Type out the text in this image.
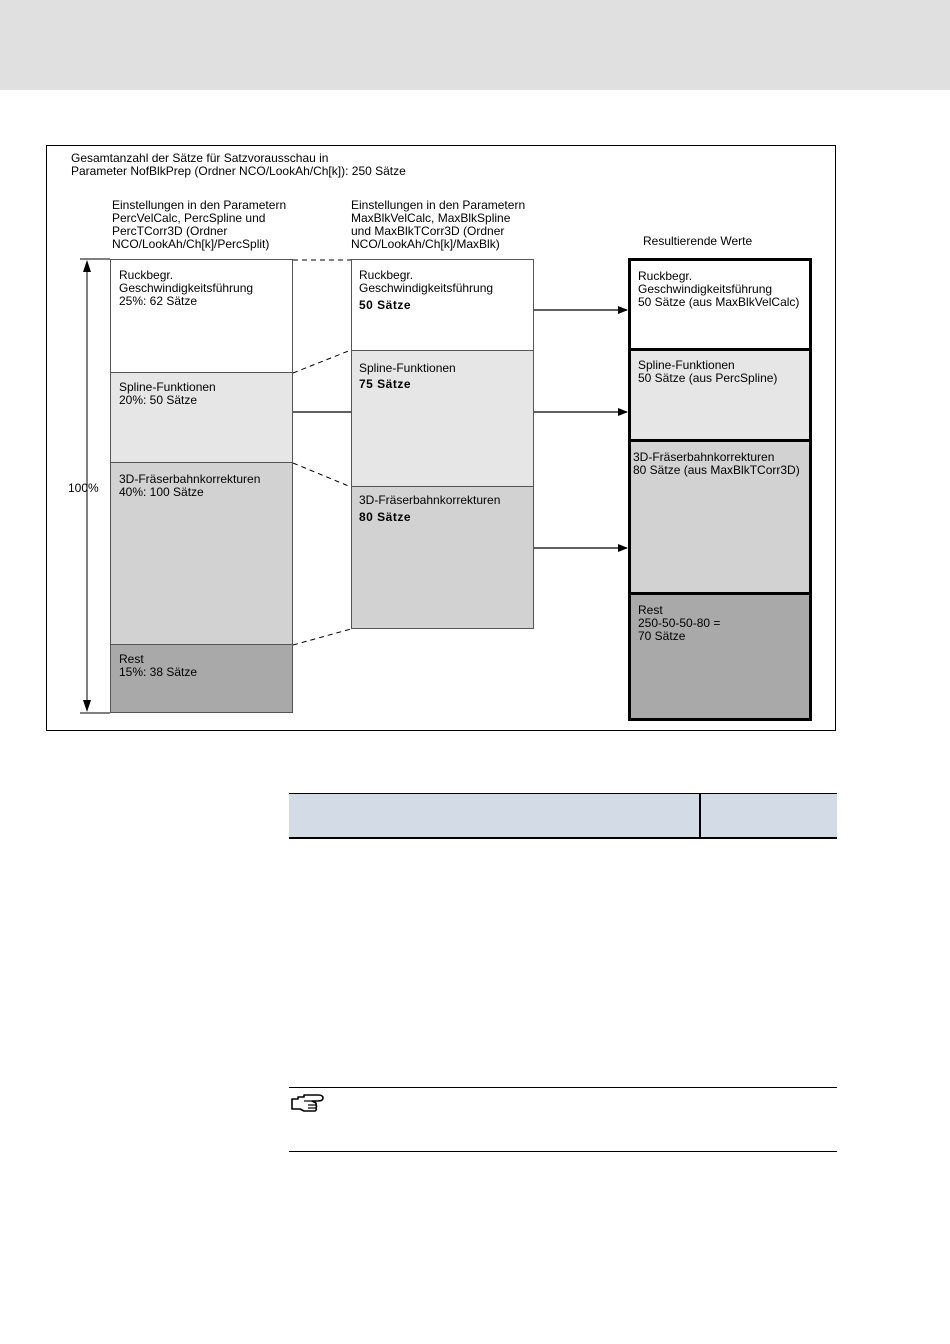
Gesamtanzahl der Sätze für Satzvorausschau in
Parameter NofBlkPrep (Ordner NCO/LookAh/Ch[k]): 250 Sätze
Einstellungen in den Parametern
PercVelCalc, PercSpline und
PercTCorr3D (Ordner
NCO/LookAh/Ch[k]/PercSplit)
Einstellungen in den Parametern
MaxBlkVelCalc, MaxBlkSpline
und MaxBlkTCorr3D (Ordner
NCO/LookAh/Ch[k]/MaxBlk)	Resultierende Werte
100%
Ruckbegr.
Geschwindigkeitsführung
25%: 62 Sätze
Spline-Funktionen
20%: 50 Sätze
3D-Fräserbahnkorrekturen
40%: 100 Sätze
Rest
15%: 38 Sätze
Ruckbegr.
Geschwindigkeitsführung
50 Sätze
Spline-Funktionen
75 Sätze
3D-Fräserbahnkorrekturen
80 Sätze
Ruckbegr.
Geschwindigkeitsführung
50 Sätze (aus MaxBlkVelCalc)
Spline-Funktionen
50 Sätze (aus PercSpline)
3D-Fräserbahnkorrekturen
80 Sätze (aus MaxBlkTCorr3D)
Rest
250-50-50-80 =
70 Sätze
